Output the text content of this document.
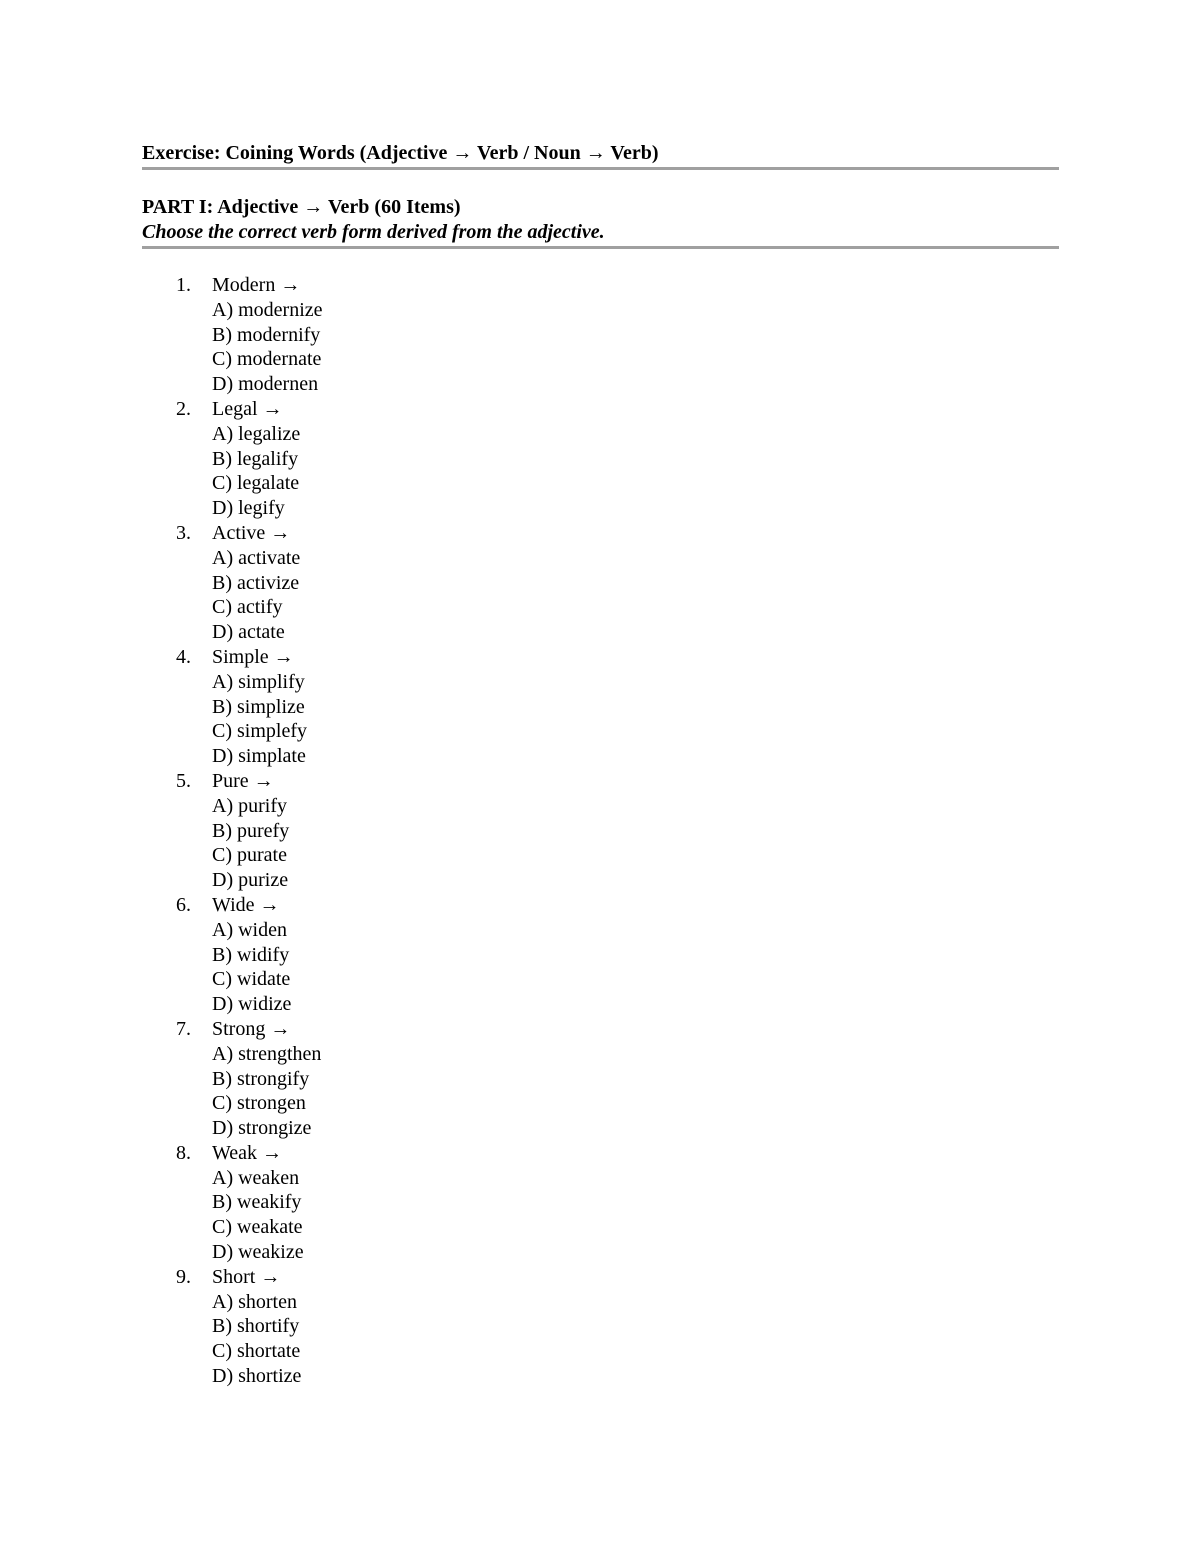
Exercise: Coining Words (Adjective → Verb / Noun → Verb)
PART I: Adjective → Verb (60 Items)
Choose the correct verb form derived from the adjective.
1. Modern →
A) modernize
B) modernify
C) modernate
D) modernen
2. Legal →
A) legalize
B) legalify
C) legalate
D) legify
3. Active →
A) activate
B) activize
C) actify
D) actate
4. Simple →
A) simplify
B) simplize
C) simplefy
D) simplate
5. Pure →
A) purify
B) purefy
C) purate
D) purize
6. Wide →
A) widen
B) widify
C) widate
D) widize
7. Strong →
A) strengthen
B) strongify
C) strongen
D) strongize
8. Weak →
A) weaken
B) weakify
C) weakate
D) weakize
9. Short →
A) shorten
B) shortify
C) shortate
D) shortize
